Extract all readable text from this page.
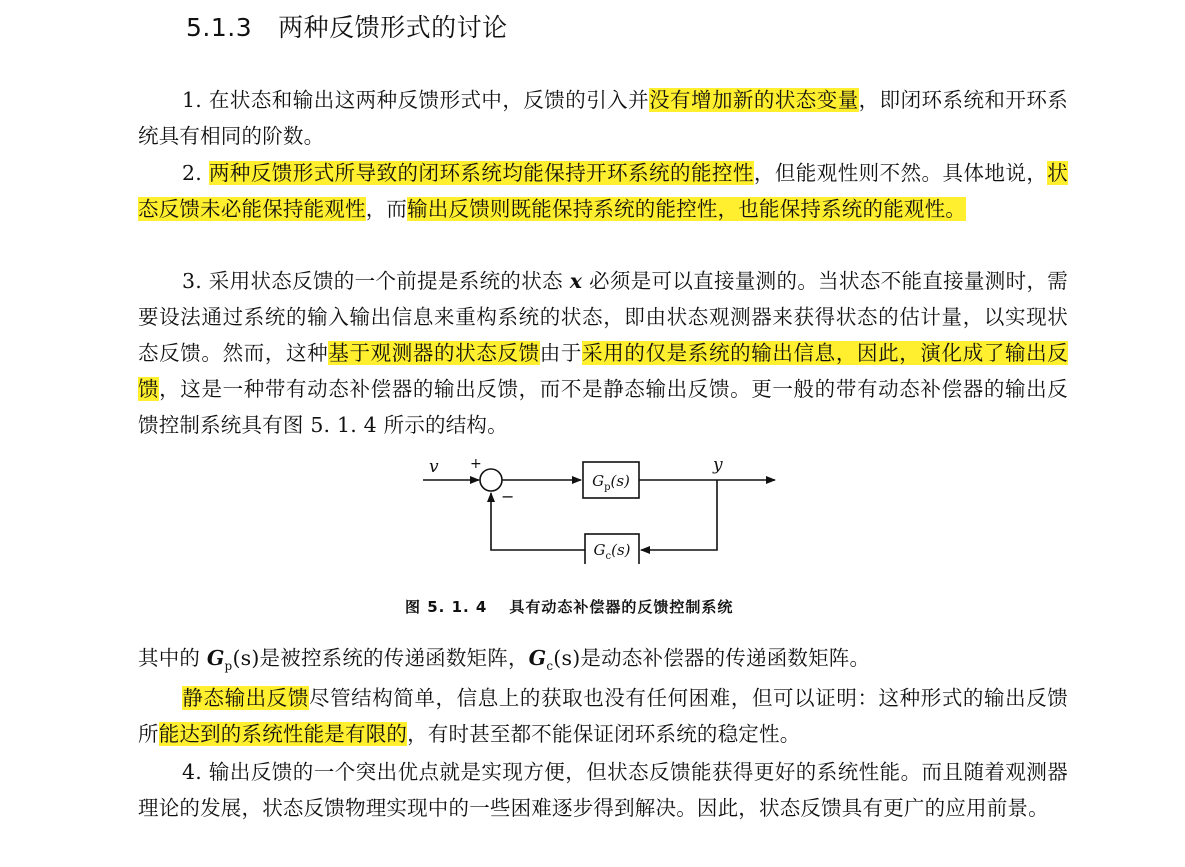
5.1.3 两种反馈形式的讨论
1. 在状态和输出这两种反馈形式中，反馈的引入并没有增加新的状态变量，即闭环系统和开环系统具有相同的阶数。
2. 两种反馈形式所导致的闭环系统均能保持开环系统的能控性，但能观性则不然。具体地说，状态反馈未必能保持能观性，而输出反馈则既能保持系统的能控性，也能保持系统的能观性。
3. 采用状态反馈的一个前提是系统的状态 x 必须是可以直接量测的。当状态不能直接量测时，需要设法通过系统的输入输出信息来重构系统的状态，即由状态观测器来获得状态的估计量，以实现状态反馈。然而，这种基于观测器的状态反馈由于采用的仅是系统的输出信息，因此，演化成了输出反馈，这是一种带有动态补偿器的输出反馈，而不是静态输出反馈。更一般的带有动态补偿器的输出反馈控制系统具有图 5. 1. 4 所示的结构。
v +
−
$G_p(s)$
y
$G_c(s)$
图 5. 1. 4 具有动态补偿器的反馈控制系统
其中的 $G_p(s)$是被控系统的传递函数矩阵，$G_c(s)$是动态补偿器的传递函数矩阵。
静态输出反馈尽管结构简单，信息上的获取也没有任何困难，但可以证明：这种形式的输出反馈所能达到的系统性能是有限的，有时甚至都不能保证闭环系统的稳定性。
4. 输出反馈的一个突出优点就是实现方便，但状态反馈能获得更好的系统性能。而且随着观测器理论的发展，状态反馈物理实现中的一些困难逐步得到解决。因此，状态反馈具有更广的应用前景。
